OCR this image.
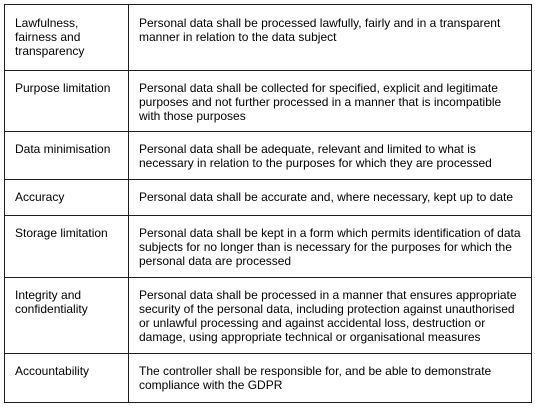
Lawfulness, fairness and transparency	Personal data shall be processed lawfully, fairly and in a transparent manner in relation to the data subject
Purpose limitation	Personal data shall be collected for specified, explicit and legitimate purposes and not further processed in a manner that is incompatible with those purposes
Data minimisation	Personal data shall be adequate, relevant and limited to what is necessary in relation to the purposes for which they are processed
Accuracy	Personal data shall be accurate and, where necessary, kept up to date
Storage limitation	Personal data shall be kept in a form which permits identification of data subjects for no longer than is necessary for the purposes for which the personal data are processed
Integrity and confidentiality	Personal data shall be processed in a manner that ensures appropriate security of the personal data, including protection against unauthorised or unlawful processing and against accidental loss, destruction or damage, using appropriate technical or organisational measures
Accountability	The controller shall be responsible for, and be able to demonstrate compliance with the GDPR
